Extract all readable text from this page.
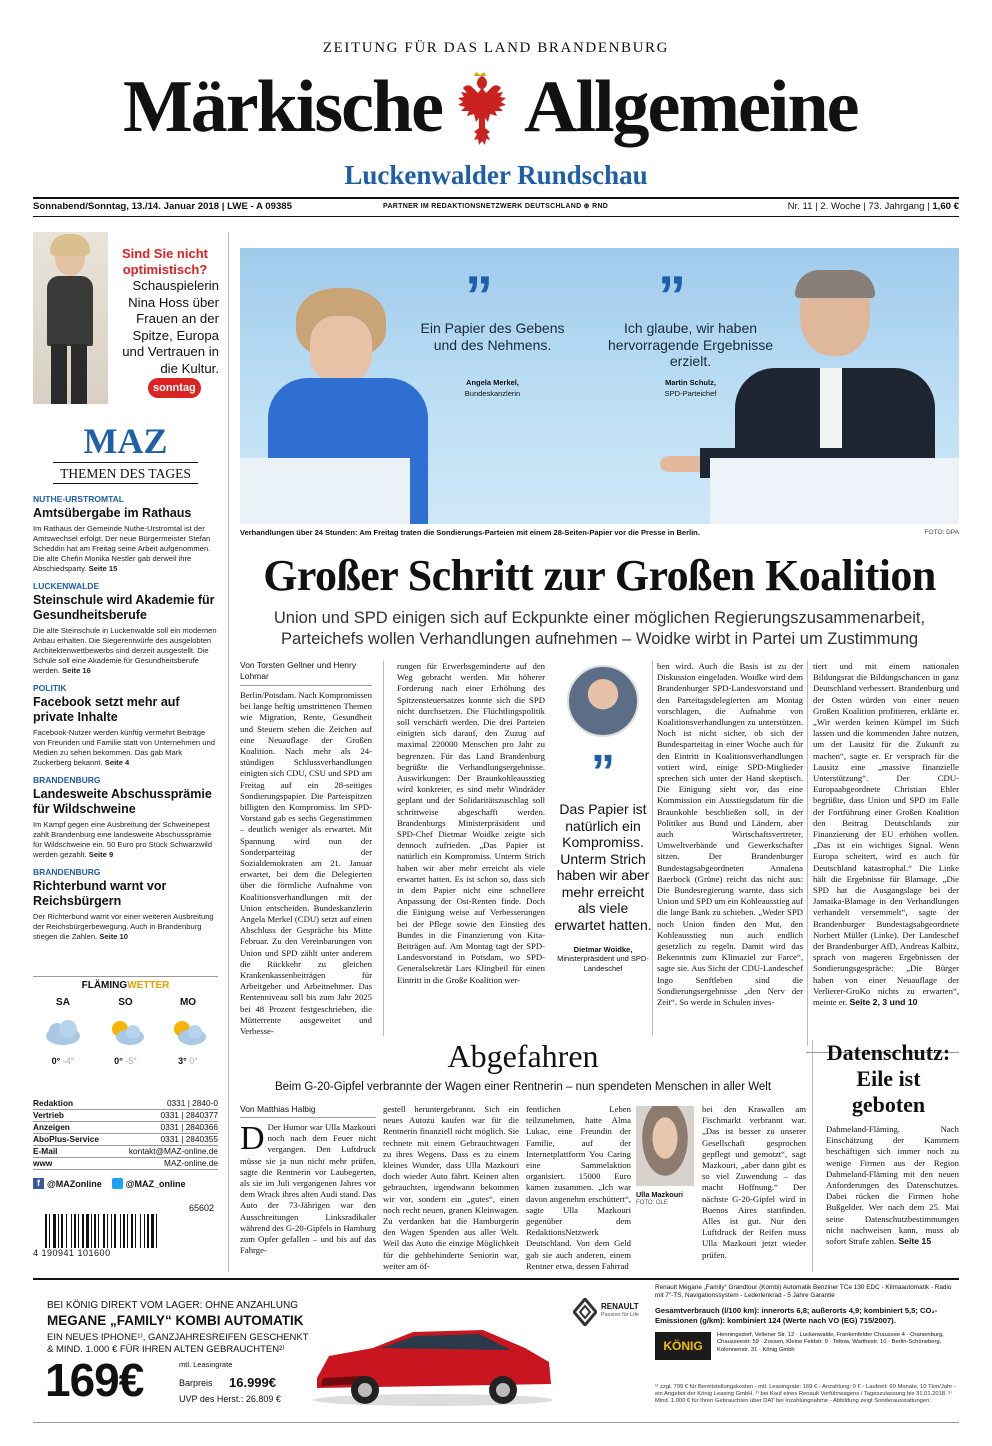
ZEITUNG FÜR DAS LAND BRANDENBURG
Märkische Allgemeine
Luckenwalder Rundschau
Sonnabend/Sonntag, 13./14. Januar 2018 | LWE - A 09385	PARTNER IM REDAKTIONSNETZWERK DEUTSCHLAND ⊕ RND	Nr. 11 | 2. Woche | 73. Jahrgang | 1,60 €
Sind Sie nicht optimistisch?
Schauspielerin Nina Hoss über Frauen an der Spitze, Europa und Vertrauen in die Kultur.
sonntag
MAZ
THEMEN DES TAGES
NUTHE-URSTROMTAL
Amtsübergabe im Rathaus
Im Rathaus der Gemeinde Nuthe-Urstromtal ist der Amtswechsel erfolgt. Der neue Bürgermeister Stefan Scheddin hat am Freitag seine Arbeit aufgenommen. Die alte Chefin Monika Nestler gab derweil ihre Abschiedsparty. Seite 15
LUCKENWALDE
Steinschule wird Akademie für Gesundheitsberufe
Die alte Steinschule in Luckenwalde soll ein modernen Anbau erhalten. Die Siegerentwürfe des ausgelobten Architektenwettbewerbs sind derzeit ausgestellt. Die Schule soll eine Akademie für Gesundheitsberufe werden. Seite 16
POLITIK
Facebook setzt mehr auf private Inhalte
Facebook-Nutzer werden künftig vermehrt Beiträge von Freunden und Familie statt von Unternehmen und Medien zu sehen bekommen. Das gab Mark Zuckerberg bekannt. Seite 4
BRANDENBURG
Landesweite Abschussprämie für Wildschweine
Im Kampf gegen eine Ausbreitung der Schweinepest zahlt Brandenburg eine landesweite Abschussprämie für Wildschweine ein. 50 Euro pro Stück Schwarzwild werden gezahlt. Seite 9
BRANDENBURG
Richterbund warnt vor Reichsbürgern
Der Richterbund warnt vor einer weiteren Ausbreitung der Reichsbürgerbewegung. Auch in Brandenburg stiegen die Zahlen. Seite 10
FLÄMINGWETTER
SA
0° -4°
SO
0° -5°
MO
3° 0°
Redaktion	0331 | 2840-0
Vertrieb	0331 | 2840377
Anzeigen	0331 | 2840366
AboPlus-Service	0331 | 2840355
E-Mail	kontakt@MAZ-online.de
www	MAZ-online.de
f @MAZonline	@MAZ_online
65602
4 190941 101600
”
Ein Papier des Gebens und des Nehmens.
Angela Merkel,
Bundeskanzlerin
”
Ich glaube, wir haben hervorragende Ergebnisse erzielt.
Martin Schulz,
SPD-Parteichef
Verhandlungen über 24 Stunden: Am Freitag traten die Sondierungs-Parteien mit einem 28-Seiten-Papier vor die Presse in Berlin.	FOTO: DPA
Großer Schritt zur Großen Koalition
Union und SPD einigen sich auf Eckpunkte einer möglichen Regierungszusammenarbeit, Parteichefs wollen Verhandlungen aufnehmen – Woidke wirbt in Partei um Zustimmung
Von Torsten Gellner und Henry Lohmar
Berlin/Potsdam. Nach Kompromissen bei lange heftig umstrittenen Themen wie Migration, Rente, Gesundheit und Steuern stehen die Zeichen auf eine Neuauflage der Großen Koalition. Nach mehr als 24-stündigen Schlussverhandlungen einigten sich CDU, CSU und SPD am Freitag auf ein 28-seitiges Sondierungspapier. Die Parteispitzen billigten den Kompromiss. Im SPD-Vorstand gab es sechs Gegenstimmen – deutlich weniger als erwartet. Mit Spannung wird nun der Sonderparteitag der Sozialdemokraten am 21. Januar erwartet, bei dem die Delegierten über die förmliche Aufnahme von Koalitionsverhandlungen mit der Union entscheiden. Bundeskanzlerin Angela Merkel (CDU) setzt auf einen Abschluss der Gespräche bis Mitte Februar. Zu den Vereinbarungen von Union und SPD zählt unter anderem die Rückkehr zu gleichen Krankenkassenbeiträgen für Arbeitgeber und Arbeitnehmer. Das Rentenniveau soll bis zum Jahr 2025 bei 48 Prozent festgeschrieben, die Mütterrente ausgeweitet und Verbesse-
rungen für Erwerbsgeminderte auf den Weg gebracht werden. Mit höherer Forderung nach einer Erhöhung des Spitzensteuersatzes konnte sich die SPD nicht durchsetzen. Die Flüchtlingspolitik soll verschärft werden. Die drei Parteien einigten sich darauf, den Zuzug auf maximal 220000 Menschen pro Jahr zu begrenzen. Für das Land Brandenburg begrüßte die Verhandlungsergebnisse. Auswirkungen: Der Braunkohleausstieg wird konkreter, es sind mehr Windräder geplant und der Solidaritätszuschlag soll schrittweise abgeschafft werden. Brandenburgs Ministerpräsident und SPD-Chef Dietmar Woidke zeigte sich dennoch zufrieden. „Das Papier ist natürlich ein Kompromiss. Unterm Strich haben wir aber mehr erreicht als viele erwartet hatten. Es ist schon so, dass sich in dem Papier nicht eine schnellere Anpassung der Ost-Renten finde. Doch die Einigung weise auf Verbesserungen bei der Pflege sowie den Einstieg des Bundes in die Finanzierung von Kita-Beiträgen auf. Am Montag tagt der SPD-Landesvorstand in Potsdam, wo SPD-Generalsekretär Lars Klingbeil für einen Eintritt in die Große Koalition wer-
”
Das Papier ist natürlich ein Kompromiss. Unterm Strich haben wir aber mehr erreicht als viele erwartet hatten.
Dietmar Woidke,
Ministerpräsident und SPD-Landeschef
ben wird. Auch die Basis ist zu der Diskussion eingeladen. Woidke wird dem Brandenburger SPD-Landesvorstand und den Parteitagsdelegierten am Montag vorschlagen, die Aufnahme von Koalitionsverhandlungen zu unterstützen. Noch ist nicht sicher, ob sich der Bundesparteitag in einer Woche auch für den Eintritt in Koalitionsverhandlungen votiert wird, einige SPD-Mitglieder sprechen sich unter der Hand skeptisch. Die Einigung sieht vor, das eine Kommission ein Ausstiegsdatum für die Braunkohle beschließen soll, in der Politiker aus Bund und Ländern, aber auch Wirtschaftsvertreter, Umweltverbände und Gewerkschafter sitzen. Der Brandenburger Bundestagsabgeordneten Annalena Baerbock (Grüne) reicht das nicht aus: Die Bundesregierung warnte, dass sich Union und SPD um ein Kohleausstieg auf die lange Bank zu schieben. „Weder SPD noch Union finden den Mut, den Kohleausstieg nun auch endlich gesetzlich zu regeln. Damit wird das Bekenntnis zum Klimaziel zur Farce“, sagte sie. Aus Sicht der CDU-Landeschef Ingo Senftleben sind die Sondierungsergebnisse „den Nerv der Zeit“. So werde in Schulen inves-
tiert und mit einem nationalen Bildungsrat die Bildungschancen in ganz Deutschland verbessert. Brandenburg und der Osten würden von einer neuen Großen Koalition profitieren, erklärte er. „Wir werden keinen Kümpel im Stich lassen und die kommenden Jahre nutzen, um der Lausitz für die Zukunft zu machen“, sagte er. Er versprach für die Lausitz eine „massive finanzielle Unterstützung“. Der CDU-Europaabgeordnete Christian Ehler begrüßte, dass Union und SPD im Falle der Fortführung einer Großen Koalition den Beitrag Deutschlands zur Finanzierung der EU erhöhen wollen. „Das ist ein wichtiges Signal. Wenn Europa scheitert, wird es auch für Deutschland katastrophal.“ Die Linke hält die Ergebnisse für Blamage. „Die SPD hat die Ausgangslage bei der Jamaika-Blamage in den Verhandlungen verhandelt versemmelt“, sagte der Brandenburger Bundestagsabgeordnete Norbert Müller (Linke). Der Landeschef der Brandenburger AfD, Andreas Kalbitz, sprach von mageren Ergebnissen der Sondierungsgespräche: „Die Bürger haben von einer Neuauflage der Verlierer-GroKo nichts zu erwarten“, meinte er. Seite 2, 3 und 10
Abgefahren
Beim G-20-Gipfel verbrannte der Wagen einer Rentnerin – nun spendeten Menschen in aller Welt
Von Matthias Halbig
D Der Humor war Ulla Mazkouri noch nach dem Feuer nicht vergangen. Den Luftdruck müsse sie ja nun nicht mehr prüfen, sagte die Rentnerin vor Laubegerten, als sie im Juli vergangenen Jahres vor dem Wrack ihres alten Audi stand. Das Auto der 73-Jährigen war den Ausschreitungen Linksradikaler während des G-20-Gipfels in Hamburg zum Opfer gefallen – und bis auf das Fahrge-
gestell heruntergebrannt. Sich ein neues Autozu kaufen war für die Rentnerin finanziell nicht möglich. Sie rechnete mit einem Gebrauchtwagen zu ihres Wegens. Dass es zu einem kleines Wunder, dass Ulla Mazkouri doch wieder Auto fährt. Keinen alten gebrauchten, irgendwann bekommen wir vor, sondern ein „gutes“, einen noch recht neuen, granen Kleinwagen. Zu verdanken hat die Hamburgerin den Wagen Spenden aus aller Welt. Weil das Auto die einzige Möglichkeit für die gehbehinderte Seniorin war, weiter am öf-
fentlichen Leben teilzunehmen, hatte Alma Lukac, eine Freundin der Familie, auf der Internetplattform You Caring eine Sammelaktion organisiert. 15000 Euro kamen zusammen. „Ich war davon angenehm erschüttert“, sagte Ulla Mazkouri gegenüber dem RedaktionsNetzwerk Deutschland. Von dem Geld gab sie auch anderen, einem Rentner etwa, dessen Fahrrad
Ulla Mazkouri
FOTO: OLE
bei den Krawallen am Fischmarkt verbrannt war. „Das ist besser zu unserer Gesellschaft gesprochen gepflegt und gemotzt“, sagt Mazkouri, „aber dann gibt es so viel Zuwendung – das macht Hoffnung.“ Der nächste G-20-Gipfel wird in Buenos Aires stattfinden. Alles ist gut. Nur den Luftdruck der Reifen muss Ulla Mazkouri jetzt wieder prüfen.
Datenschutz: Eile ist geboten
Dahmeland-Fläming. Nach Einschätzung der Kammern beschäftigen sich immer noch zu wenige Firmen aus der Region Dahmeland-Fläming mit den neuen Anforderungen des Datenschutzes. Dabei rücken die Firmen hohe Bußgelder. Wer nach dem 25. Mai seine Datenschutzbestimmungen nicht nachweisen kann, muss ab sofort Strafe zahlen. Seite 15
BEI KÖNIG DIREKT VOM LAGER: OHNE ANZAHLUNG
MEGANE „FAMILY“ KOMBI AUTOMATIK
EIN NEUES IPHONE¹⁾, GANZJAHRESREIFEN GESCHENKT
& MIND. 1.000 € FÜR IHREN ALTEN GEBRAUCHTEN²⁾
169€	mtl. Leasingrate
Barpreis 16.999€
UVP des Herst.: 26.809 €
RENAULT
Passion für Life
Renault Mégane „Family“ Grandtour (Kombi) Automatik Benziner TCe 130 EDC - Klimaautomatik - Radio mit 7"-TS, Navigationssystem - Lederlenkrad - 5 Jahre Garantie
Gesamtverbrauch (l/100 km): innerorts 6,8; außerorts 4,9; kombiniert 5,5; CO₂-Emissionen (g/km): kombiniert 124 (Werte nach VO (EG) 715/2007).
KÖNIG
Henningsdorf, Veltener Str. 12 · Luckenwalde, Frankenfelder Chaussee 4 · Oranienburg, Chausseestr. 59 · Zossen, Kleine Feldstr. 9 · Teltow, Warthestr. 10 · Berlin-Schöneberg, Kolonnenstr. 31 · König Gmbh
¹⁾ zzgl. 799 € für Bereitstellungskosten - mtl. Leasingrate: 169 € - Anzahlung: 0 € - Laufzeit: 60 Monate, 10 Tkm/Jahr - ein Angebot der König Leasing GmbH. ²⁾ bei Kauf eines Renault Vorführwagens / Tageszulassung bis 31.01.2018. ³⁾ Mind. 1.000 € für Ihren Gebrauchten über DAT bei Inzahlungnahme - Abbildung zeigt Sonderausstattungen.
